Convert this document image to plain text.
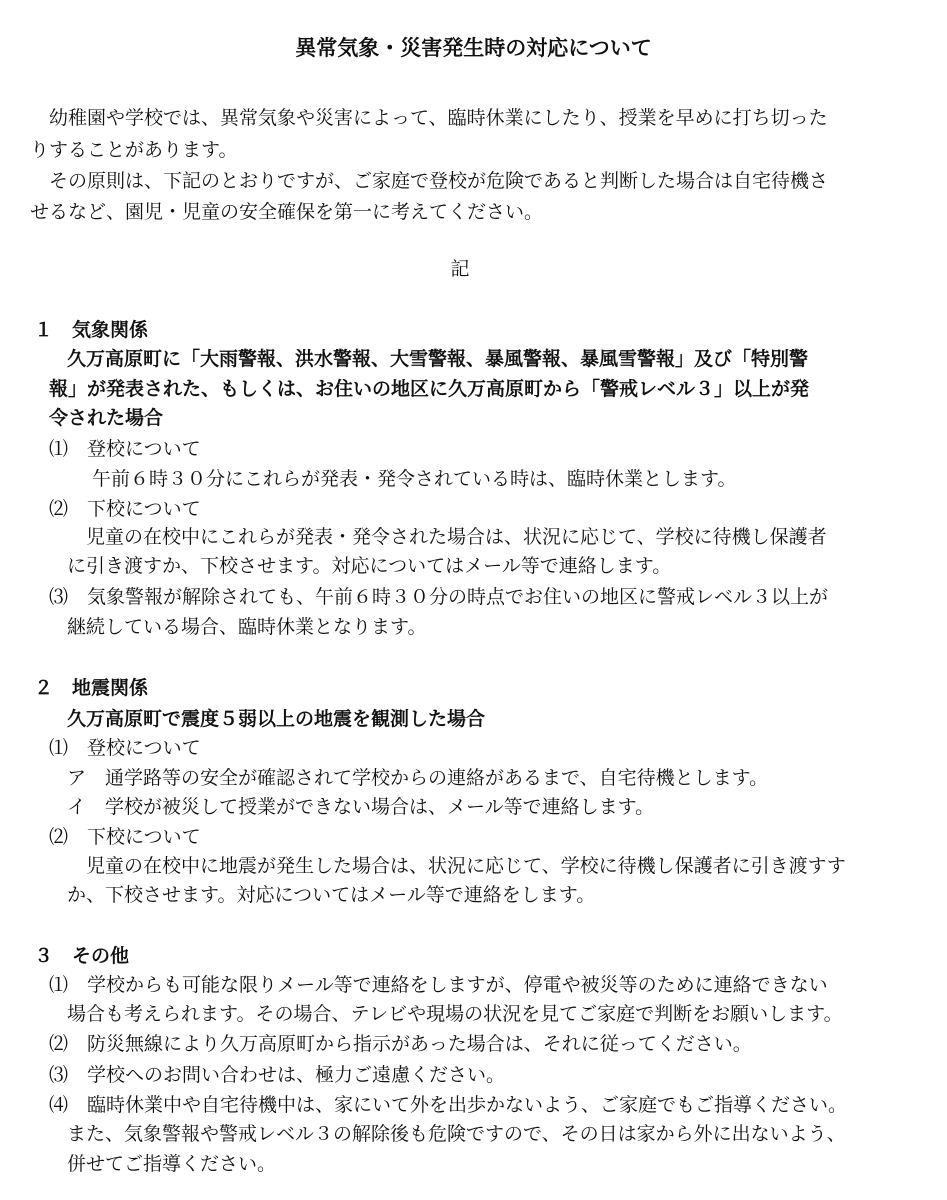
異常気象・災害発生時の対応について
　幼稚園や学校では、異常気象や災害によって、臨時休業にしたり、授業を早めに打ち切った
りすることがあります。
　その原則は、下記のとおりですが、ご家庭で登校が危険であると判断した場合は自宅待機さ
せるなど、園児・児童の安全確保を第一に考えてください。
記
１　気象関係
久万高原町に「大雨警報、洪水警報、大雪警報、暴風警報、暴風雪警報」及び「特別警
報」が発表された、もしくは、お住いの地区に久万高原町から「警戒レベル３」以上が発
令された場合
⑴　登校について
午前６時３０分にこれらが発表・発令されている時は、臨時休業とします。
⑵　下校について
児童の在校中にこれらが発表・発令された場合は、状況に応じて、学校に待機し保護者
に引き渡すか、下校させます。対応についてはメール等で連絡します。
⑶　気象警報が解除されても、午前６時３０分の時点でお住いの地区に警戒レベル３以上が
継続している場合、臨時休業となります。
２　地震関係
久万高原町で震度５弱以上の地震を観測した場合
⑴　登校について
ア　通学路等の安全が確認されて学校からの連絡があるまで、自宅待機とします。
イ　学校が被災して授業ができない場合は、メール等で連絡します。
⑵　下校について
児童の在校中に地震が発生した場合は、状況に応じて、学校に待機し保護者に引き渡すす
か、下校させます。対応についてはメール等で連絡をします。
３　その他
⑴　学校からも可能な限りメール等で連絡をしますが、停電や被災等のために連絡できない
場合も考えられます。その場合、テレビや現場の状況を見てご家庭で判断をお願いします。
⑵　防災無線により久万高原町から指示があった場合は、それに従ってください。
⑶　学校へのお問い合わせは、極力ご遠慮ください。
⑷　臨時休業中や自宅待機中は、家にいて外を出歩かないよう、ご家庭でもご指導ください。
また、気象警報や警戒レベル３の解除後も危険ですので、その日は家から外に出ないよう、
併せてご指導ください。
